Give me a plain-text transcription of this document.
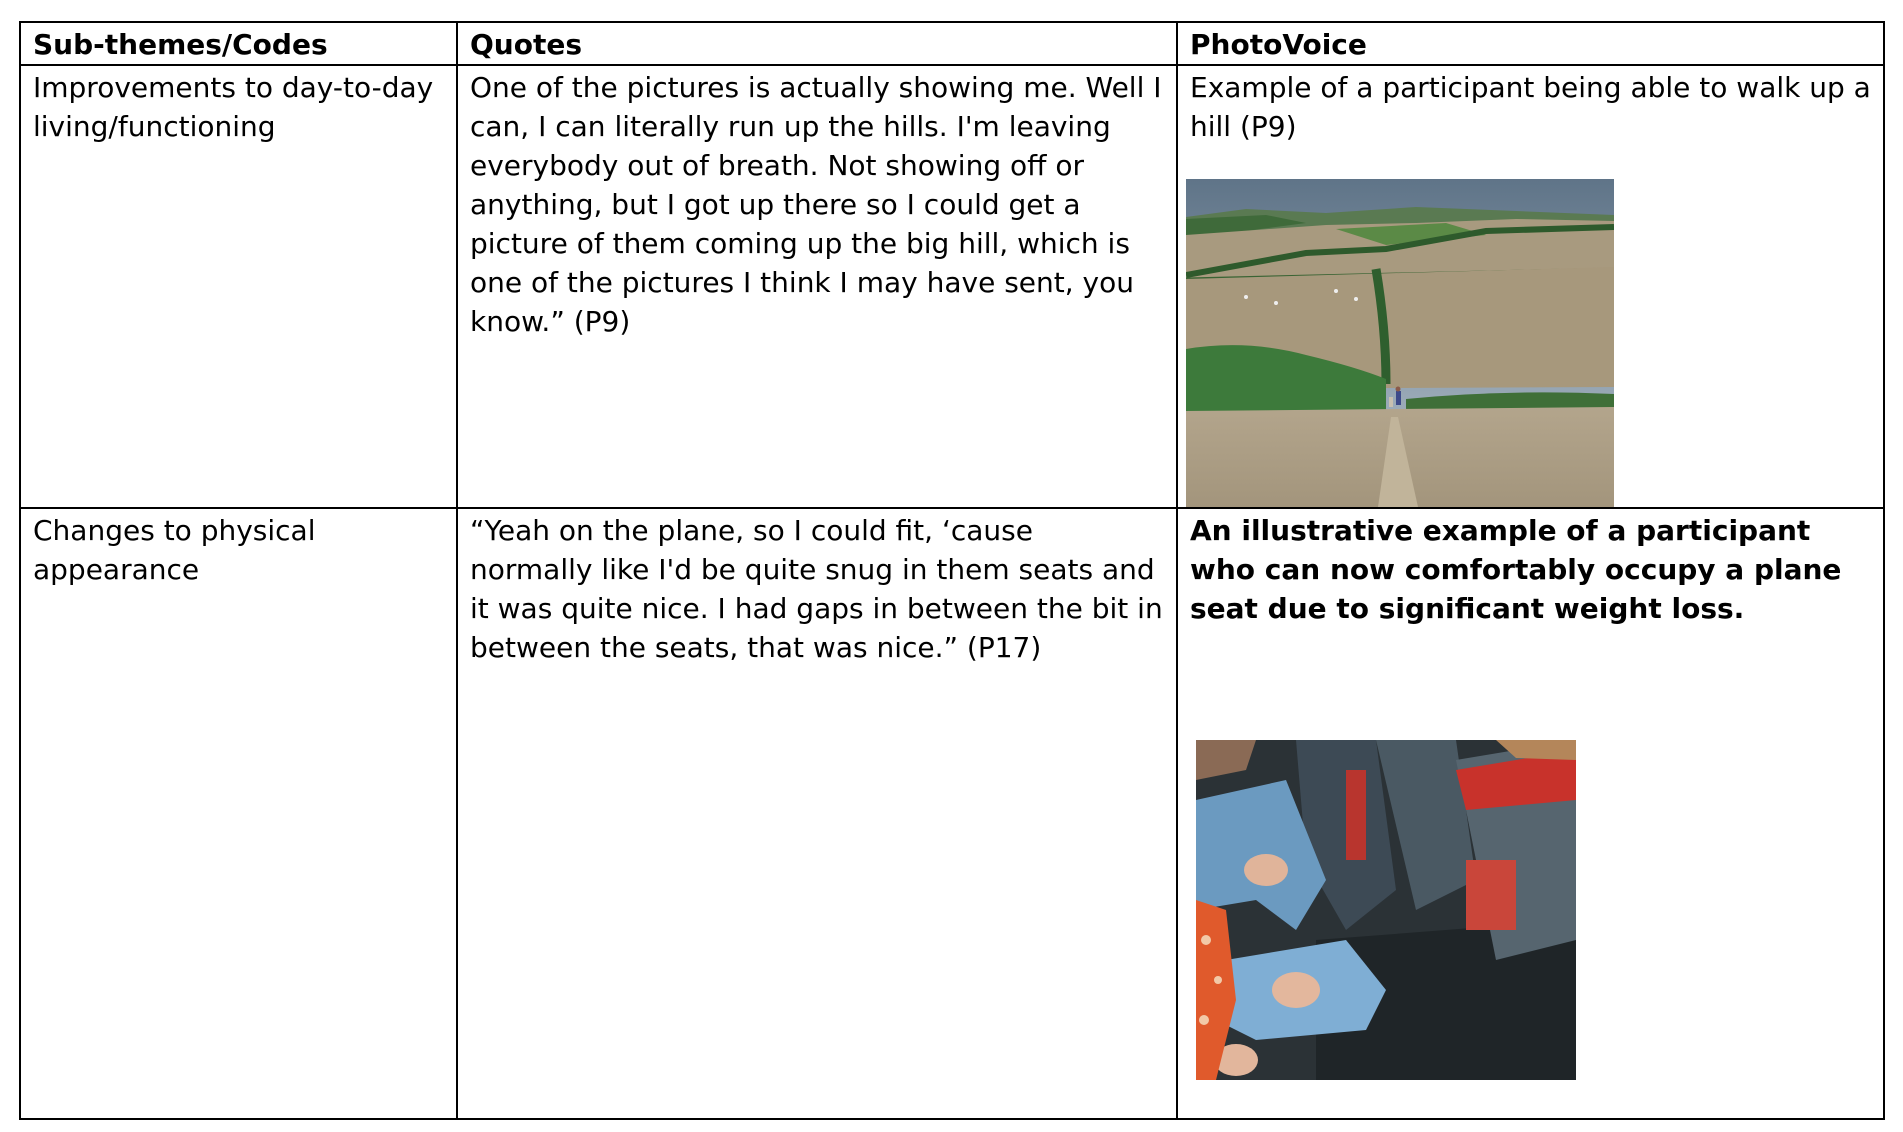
Sub-themes/Codes	Quotes	PhotoVoice
Improvements to day-to-day living/functioning	One of the pictures is actually showing me. Well I can, I can literally run up the hills. I'm leaving everybody out of breath. Not showing off or anything, but I got up there so I could get a picture of them coming up the big hill, which is one of the pictures I think I may have sent, you know.” (P9)	Example of a participant being able to walk up a hill (P9)

Changes to physical appearance	“Yeah on the plane, so I could fit, ‘cause normally like I'd be quite snug in them seats and it was quite nice. I had gaps in between the bit in between the seats, that was nice.” (P17)	An illustrative example of a participant who can now comfortably occupy a plane seat due to significant weight loss.
